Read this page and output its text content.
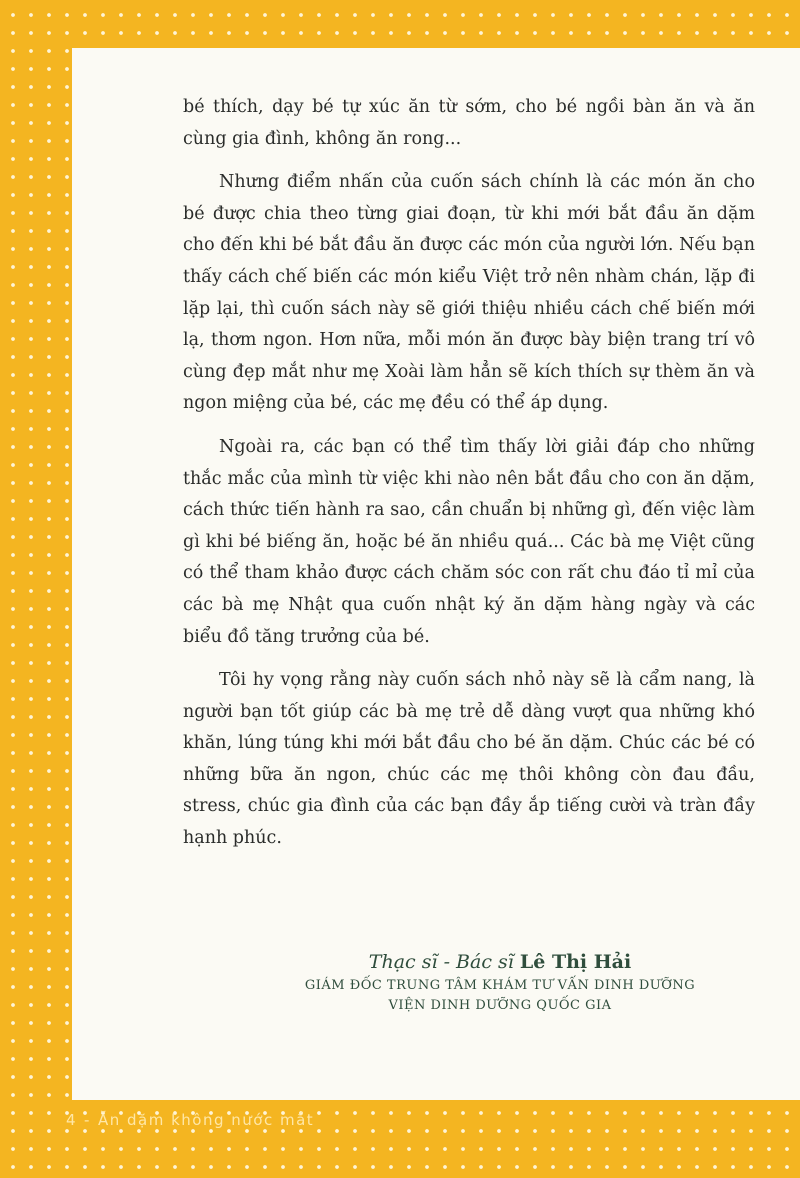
bé thích, dạy bé tự xúc ăn từ sớm, cho bé ngồi bàn ăn và ăn cùng gia đình, không ăn rong...

Nhưng điểm nhấn của cuốn sách chính là các món ăn cho bé được chia theo từng giai đoạn, từ khi mới bắt đầu ăn dặm cho đến khi bé bắt đầu ăn được các món của người lớn. Nếu bạn thấy cách chế biến các món kiểu Việt trở nên nhàm chán, lặp đi lặp lại, thì cuốn sách này sẽ giới thiệu nhiều cách chế biến mới lạ, thơm ngon. Hơn nữa, mỗi món ăn được bày biện trang trí vô cùng đẹp mắt như mẹ Xoài làm hẳn sẽ kích thích sự thèm ăn và ngon miệng của bé, các mẹ đều có thể áp dụng.

Ngoài ra, các bạn có thể tìm thấy lời giải đáp cho những thắc mắc của mình từ việc khi nào nên bắt đầu cho con ăn dặm, cách thức tiến hành ra sao, cần chuẩn bị những gì, đến việc làm gì khi bé biếng ăn, hoặc bé ăn nhiều quá... Các bà mẹ Việt cũng có thể tham khảo được cách chăm sóc con rất chu đáo tỉ mỉ của các bà mẹ Nhật qua cuốn nhật ký ăn dặm hàng ngày và các biểu đồ tăng trưởng của bé.

Tôi hy vọng rằng này cuốn sách nhỏ này sẽ là cẩm nang, là người bạn tốt giúp các bà mẹ trẻ dễ dàng vượt qua những khó khăn, lúng túng khi mới bắt đầu cho bé ăn dặm. Chúc các bé có những bữa ăn ngon, chúc các mẹ thôi không còn đau đầu, stress, chúc gia đình của các bạn đầy ắp tiếng cười và tràn đầy hạnh phúc.

Thạc sĩ - Bác sĩ Lê Thị Hải
GIÁM ĐỐC TRUNG TÂM KHÁM TƯ VẤN DINH DƯỠNG
VIỆN DINH DƯỠNG QUỐC GIA
4 - Ăn dặm không nước mắt
